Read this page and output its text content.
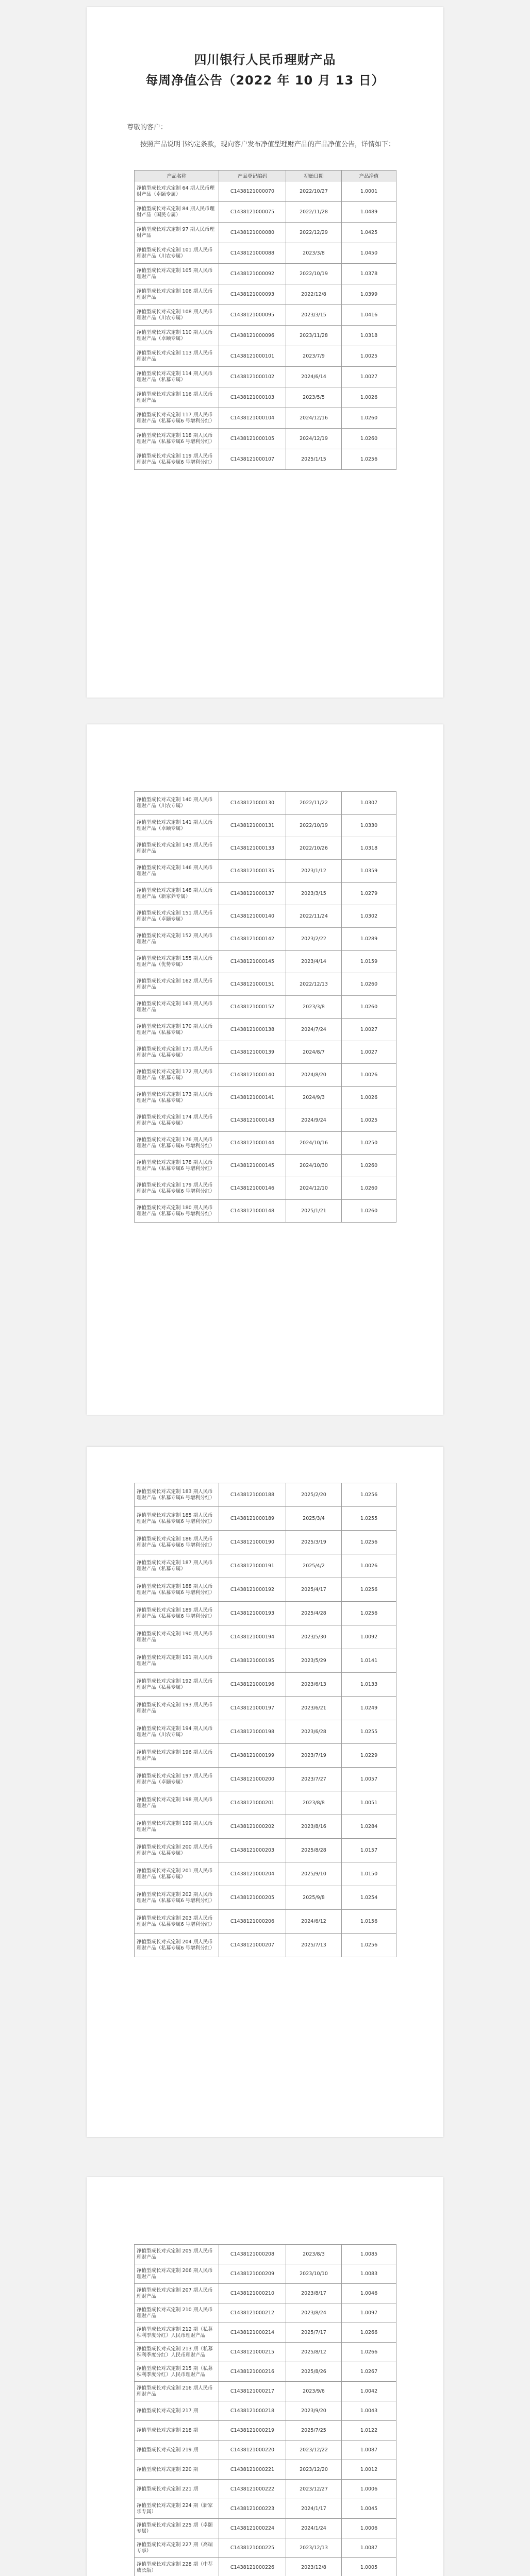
四川银行人民币理财产品
每周净值公告（2022 年 10 月 13 日）
尊敬的客户：
按照产品说明书约定条款，现向客户发布净值型理财产品的产品净值公告，详情如下：
产品名称	产品登记编码	初始日期	产品净值
净值型成长对式定制 64 期人民币理财产品（卓颐专属）	C1438121000070	2022/10/27	1.0001
净值型成长对式定制 84 期人民币理财产品（国民专属）	C1438121000075	2022/11/28	1.0489
净值型成长对式定制 97 期人民币理财产品	C1438121000080	2022/12/29	1.0425
净值型成长对式定制 101 期人民币理财产品（川农专属）	C1438121000088	2023/3/8	1.0450
净值型成长对式定制 105 期人民币理财产品	C1438121000092	2022/10/19	1.0378
净值型成长对式定制 106 期人民币理财产品	C1438121000093	2022/12/8	1.0399
净值型成长对式定制 108 期人民币理财产品（川农专属）	C1438121000095	2023/3/15	1.0416
净值型成长对式定制 110 期人民币理财产品（卓颐专属）	C1438121000096	2023/11/28	1.0318
净值型成长对式定制 113 期人民币理财产品	C1438121000101	2023/7/9	1.0025
净值型成长对式定制 114 期人民币理财产品（私募专属）	C1438121000102	2024/6/14	1.0027
净值型成长对式定制 116 期人民币理财产品	C1438121000103	2023/5/5	1.0026
净值型成长对式定制 117 期人民币理财产品（私募专属6 号增利分红）	C1438121000104	2024/12/16	1.0260
净值型成长对式定制 118 期人民币理财产品（私募专属6 号增利分红）	C1438121000105	2024/12/19	1.0260
净值型成长对式定制 119 期人民币理财产品（私募专属6 号增利分红）	C1438121000107	2025/1/15	1.0256
净值型成长对式定制 140 期人民币理财产品（川农专属）	C1438121000130	2022/11/22	1.0307
净值型成长对式定制 141 期人民币理财产品（卓颐专属）	C1438121000131	2022/10/19	1.0330
净值型成长对式定制 143 期人民币理财产品	C1438121000133	2022/10/26	1.0318
净值型成长对式定制 146 期人民币理财产品	C1438121000135	2023/1/12	1.0359
净值型成长对式定制 148 期人民币理财产品（新家养专属）	C1438121000137	2023/3/15	1.0279
净值型成长对式定制 151 期人民币理财产品（卓颐专属）	C1438121000140	2022/11/24	1.0302
净值型成长对式定制 152 期人民币理财产品	C1438121000142	2023/2/22	1.0289
净值型成长对式定制 155 期人民币理财产品（优势专属）	C1438121000145	2023/4/14	1.0159
净值型成长对式定制 162 期人民币理财产品	C1438121000151	2022/12/13	1.0260
净值型成长对式定制 163 期人民币理财产品	C1438121000152	2023/3/8	1.0260
净值型成长对式定制 170 期人民币理财产品（私募专属）	C1438121000138	2024/7/24	1.0027
净值型成长对式定制 171 期人民币理财产品（私募专属）	C1438121000139	2024/8/7	1.0027
净值型成长对式定制 172 期人民币理财产品（私募专属）	C1438121000140	2024/8/20	1.0026
净值型成长对式定制 173 期人民币理财产品（私募专属）	C1438121000141	2024/9/3	1.0026
净值型成长对式定制 174 期人民币理财产品（私募专属）	C1438121000143	2024/9/24	1.0025
净值型成长对式定制 176 期人民币理财产品（私募专属6 号增利分红）	C1438121000144	2024/10/16	1.0250
净值型成长对式定制 178 期人民币理财产品（私募专属6 号增利分红）	C1438121000145	2024/10/30	1.0260
净值型成长对式定制 179 期人民币理财产品（私募专属6 号增利分红）	C1438121000146	2024/12/10	1.0260
净值型成长对式定制 180 期人民币理财产品（私募专属6 号增利分红）	C1438121000148	2025/1/21	1.0260
净值型成长对式定制 183 期人民币理财产品（私募专属6 号增利分红）	C1438121000188	2025/2/20	1.0256
净值型成长对式定制 185 期人民币理财产品（私募专属6 号增利分红）	C1438121000189	2025/3/4	1.0255
净值型成长对式定制 186 期人民币理财产品（私募专属6 号增利分红）	C1438121000190	2025/3/19	1.0256
净值型成长对式定制 187 期人民币理财产品（私募专属）	C1438121000191	2025/4/2	1.0026
净值型成长对式定制 188 期人民币理财产品（私募专属6 号增利分红）	C1438121000192	2025/4/17	1.0256
净值型成长对式定制 189 期人民币理财产品（私募专属6 号增利分红）	C1438121000193	2025/4/28	1.0256
净值型成长对式定制 190 期人民币理财产品	C1438121000194	2023/5/30	1.0092
净值型成长对式定制 191 期人民币理财产品	C1438121000195	2023/5/29	1.0141
净值型成长对式定制 192 期人民币理财产品（私募专属）	C1438121000196	2023/6/13	1.0133
净值型成长对式定制 193 期人民币理财产品	C1438121000197	2023/6/21	1.0249
净值型成长对式定制 194 期人民币理财产品（川农专属）	C1438121000198	2023/6/28	1.0255
净值型成长对式定制 196 期人民币理财产品	C1438121000199	2023/7/19	1.0229
净值型成长对式定制 197 期人民币理财产品（卓颐专属）	C1438121000200	2023/7/27	1.0057
净值型成长对式定制 198 期人民币理财产品	C1438121000201	2023/8/8	1.0051
净值型成长对式定制 199 期人民币理财产品	C1438121000202	2023/8/16	1.0284
净值型成长对式定制 200 期人民币理财产品（私募专属）	C1438121000203	2025/8/28	1.0157
净值型成长对式定制 201 期人民币理财产品（私募专属）	C1438121000204	2025/9/10	1.0150
净值型成长对式定制 202 期人民币理财产品（私募专属6 号增利分红）	C1438121000205	2025/9/8	1.0254
净值型成长对式定制 203 期人民币理财产品（私募专属6 号增利分红）	C1438121000206	2024/6/12	1.0156
净值型成长对式定制 204 期人民币理财产品（私募专属6 号增利分红）	C1438121000207	2025/7/13	1.0256
净值型成长对式定制 205 期人民币理财产品	C1438121000208	2023/8/3	1.0085
净值型成长对式定制 206 期人民币理财产品	C1438121000209	2023/10/10	1.0083
净值型成长对式定制 207 期人民币理财产品	C1438121000210	2023/8/17	1.0046
净值型成长对式定制 210 期人民币理财产品	C1438121000212	2023/8/24	1.0097
净值型成长对式定制 212 期（私募积利季度分红）人民币理财产品	C1438121000214	2025/7/17	1.0266
净值型成长对式定制 213 期（私募积利季度分红）人民币理财产品	C1438121000215	2025/8/12	1.0266
净值型成长对式定制 215 期（私募积利季度分红）人民币理财产品	C1438121000216	2025/8/26	1.0267
净值型成长对式定制 216 期人民币理财产品	C1438121000217	2023/9/6	1.0042
净值型成长对式定制 217 期	C1438121000218	2023/9/20	1.0043
净值型成长对式定制 218 期	C1438121000219	2025/7/25	1.0122
净值型成长对式定制 219 期	C1438121000220	2023/12/22	1.0087
净值型成长对式定制 220 期	C1438121000221	2023/12/20	1.0012
净值型成长对式定制 221 期	C1438121000222	2023/12/27	1.0006
净值型成长对式定制 224 期（新家乐专属）	C1438121000223	2024/1/17	1.0045
净值型成长对式定制 225 期（卓颐专属）	C1438121000224	2024/1/24	1.0006
净值型成长对式定制 227 期（高端专享）	C1438121000225	2023/12/13	1.0087
净值型成长对式定制 228 期（中荐成长版）	C1438121000226	2023/12/8	1.0005
